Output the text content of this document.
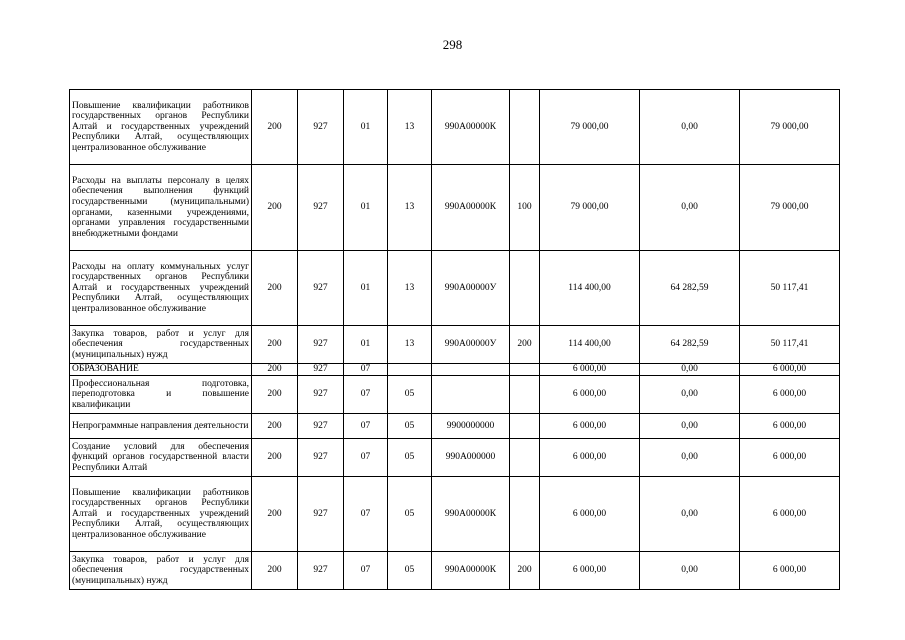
298
Повышение квалификации работников государственных органов Республики Алтай и государственных учреждений Республики Алтай, осуществляющих централизованное обслуживание	200	927	01	13	990А00000К		79 000,00	0,00	79 000,00
Расходы на выплаты персоналу в целях обеспечения выполнения функций государственными (муниципальными) органами, казенными учреждениями, органами управления государственными внебюджетными фондами	200	927	01	13	990А00000К	100	79 000,00	0,00	79 000,00
Расходы на оплату коммунальных услуг государственных органов Республики Алтай и государственных учреждений Республики Алтай, осуществляющих централизованное обслуживание	200	927	01	13	990А00000У		114 400,00	64 282,59	50 117,41
Закупка товаров, работ и услуг для обеспечения государственных (муниципальных) нужд	200	927	01	13	990А00000У	200	114 400,00	64 282,59	50 117,41
ОБРАЗОВАНИЕ	200	927	07				6 000,00	0,00	6 000,00
Профессиональная подготовка, переподготовка и повышение квалификации	200	927	07	05			6 000,00	0,00	6 000,00
Непрограммные направления деятельности	200	927	07	05	9900000000		6 000,00	0,00	6 000,00
Создание условий для обеспечения функций органов государственной власти Республики Алтай	200	927	07	05	990А000000		6 000,00	0,00	6 000,00
Повышение квалификации работников государственных органов Республики Алтай и государственных учреждений Республики Алтай, осуществляющих централизованное обслуживание	200	927	07	05	990А00000К		6 000,00	0,00	6 000,00
Закупка товаров, работ и услуг для обеспечения государственных (муниципальных) нужд	200	927	07	05	990А00000К	200	6 000,00	0,00	6 000,00
